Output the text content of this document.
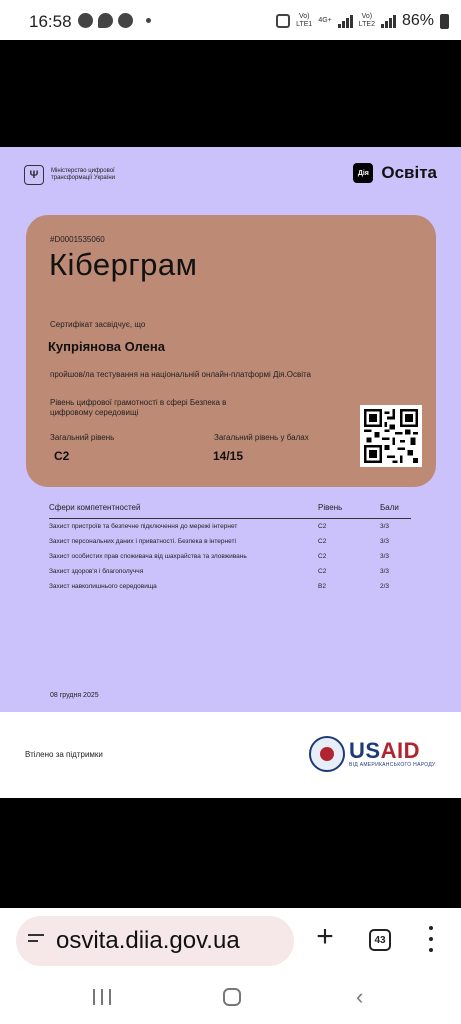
16:58	Vo)
LTE1
4G+
Vo)
LTE2 86%
Ψ	Міністерство цифрової трансформації України
Дія Освіта
#D0001535060
Кіберграм
Сертифікат засвідчує, що
Купріянова Олена
пройшов/ла тестування на національній онлайн-платформі Дія.Освіта
Рівень цифрової грамотності в сфері Безпека в цифровому середовищі
Загальний рівень
C2
Загальний рівень у балах
14/15
Сфери компетентностей	Рівень	Бали
Захист пристроїв та безпечне підключення до мережі інтернет	C2	3/3
Захист персональних даних і приватності. Безпека в інтернеті	C2	3/3
Захист особистих прав споживача від шахрайства та зловживань	C2	3/3
Захист здоров'я і благополуччя	C2	3/3
Захист навколишнього середовища	B2	2/3
08 грудня 2025
Втілено за підтримки	USAID
ВІД АМЕРИКАНСЬКОГО НАРОДУ
osvita.diia.gov.ua	+	43
‹
